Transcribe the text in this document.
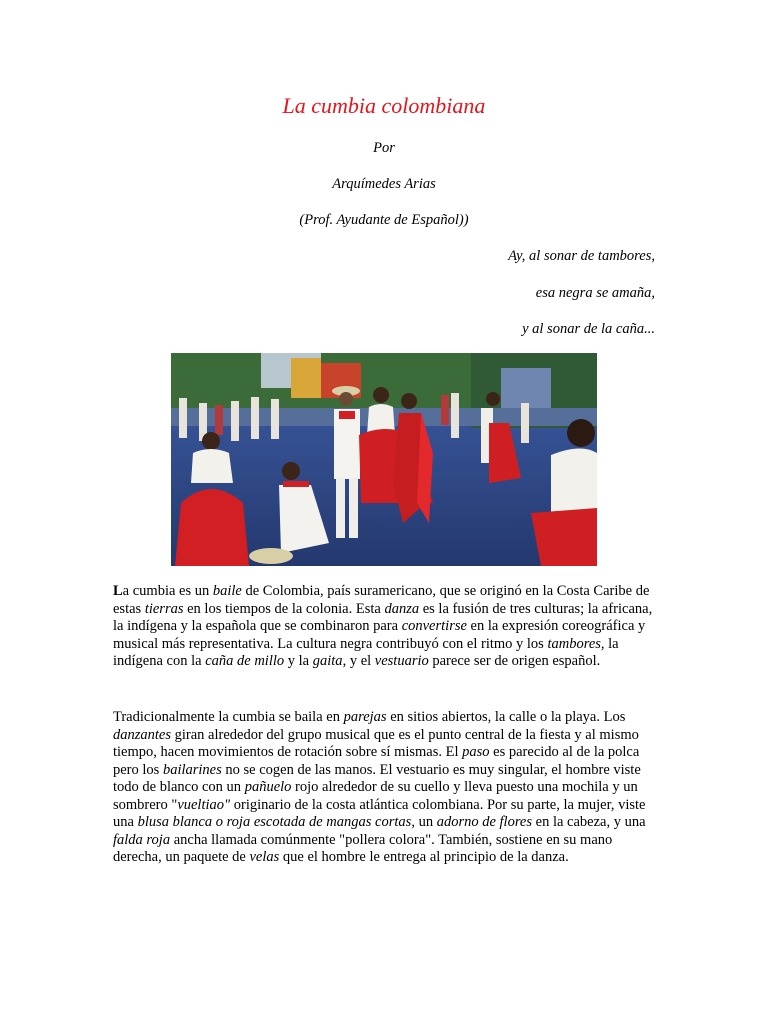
La cumbia colombiana
Por
Arquímedes Arias
(Prof. Ayudante de Español))
Ay, al sonar de tambores,
esa negra se amaña,
y al sonar de la caña...

La cumbia es un baile de Colombia, país suramericano, que se originó en la Costa Caribe de estas tierras en los tiempos de la colonia. Esta danza es la fusión de tres culturas; la africana, la indígena y la española que se combinaron para convertirse en la expresión coreográfica y musical más representativa. La cultura negra contribuyó con el ritmo y los tambores, la indígena con la caña de millo y la gaita, y el vestuario parece ser de origen español.

Tradicionalmente la cumbia se baila en parejas en sitios abiertos, la calle o la playa. Los danzantes giran alrededor del grupo musical que es el punto central de la fiesta y al mismo tiempo, hacen movimientos de rotación sobre sí mismas. El paso es parecido al de la polca pero los bailarines no se cogen de las manos. El vestuario es muy singular, el hombre viste todo de blanco con un pañuelo rojo alrededor de su cuello y lleva puesto una mochila y un sombrero "vueltiao" originario de la costa atlántica colombiana. Por su parte, la mujer, viste una blusa blanca o roja escotada de mangas cortas, un adorno de flores en la cabeza, y una falda roja ancha llamada comúnmente "pollera colora". También, sostiene en su mano derecha, un paquete de velas que el hombre le entrega al principio de la danza.
